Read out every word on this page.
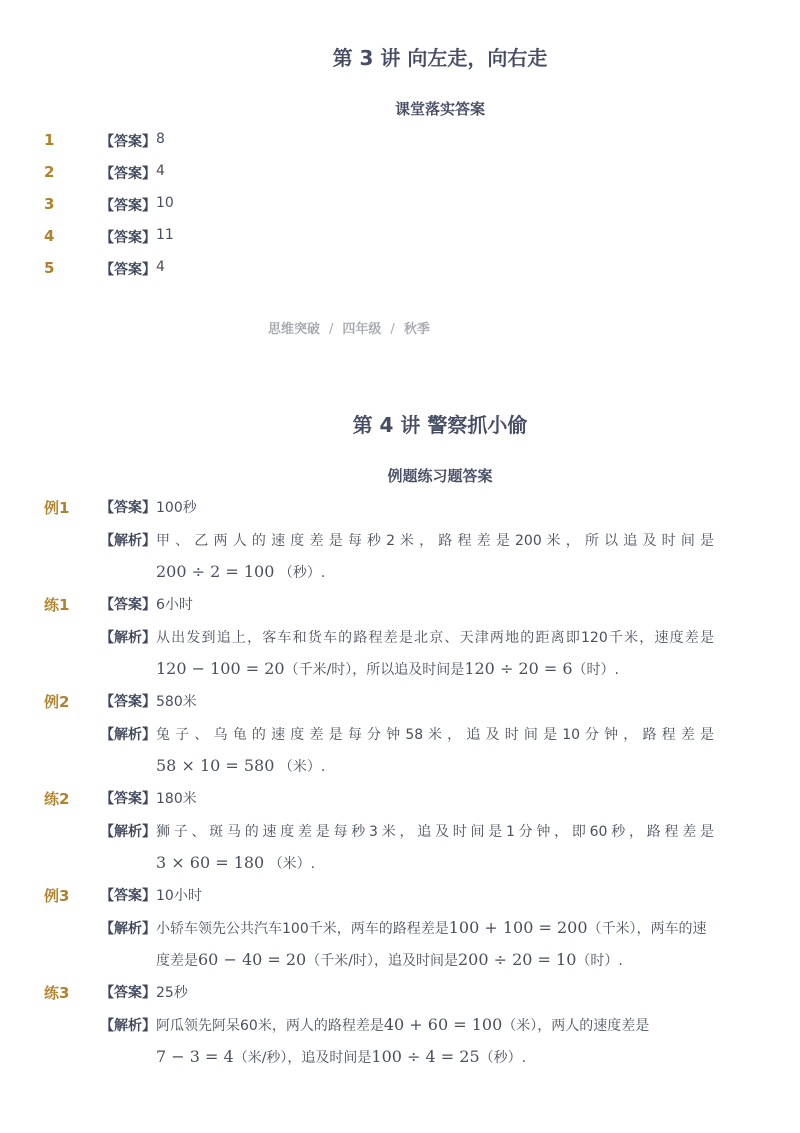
第 3 讲 向左走，向右走
课堂落实答案
1	【答案】 8
2	【答案】 4
3	【答案】 10
4	【答案】 11
5	【答案】 4
思维突破 / 四年级 / 秋季
第 4 讲 警察抓小偷
例题练习题答案
例1 【答案】 100秒
【解析】 甲 、 乙 两 人 的 速 度 差 是 每 秒 2 米 ， 路 程 差 是 200 米 ， 所 以 追 及 时 间 是
200 ÷ 2 = 100 （秒）.
练1 【答案】 6小时
【解析】 从出发到追上，客车和货车的路程差是北京、天津两地的距离即120千米，速度差是
120 − 100 = 20（千米/时），所以追及时间是120 ÷ 20 = 6（时）.
例2 【答案】 580米
【解析】 兔 子 、 乌 龟 的 速 度 差 是 每 分 钟 58 米 ， 追 及 时 间 是 10 分 钟 ， 路 程 差 是
58 × 10 = 580 （米）.
练2 【答案】 180米
【解析】 狮子、斑马的速度差是每秒3米，追及时间是1分钟，即60秒，路程差是
3 × 60 = 180 （米）.
例3 【答案】 10小时
【解析】 小轿车领先公共汽车100千米，两车的路程差是100 + 100 = 200（千米），两车的速
度差是60 − 40 = 20（千米/时），追及时间是200 ÷ 20 = 10（时）.
练3 【答案】 25秒
【解析】 阿瓜领先阿呆60米，两人的路程差是40 + 60 = 100（米），两人的速度差是
7 − 3 = 4（米/秒），追及时间是100 ÷ 4 = 25（秒）.
